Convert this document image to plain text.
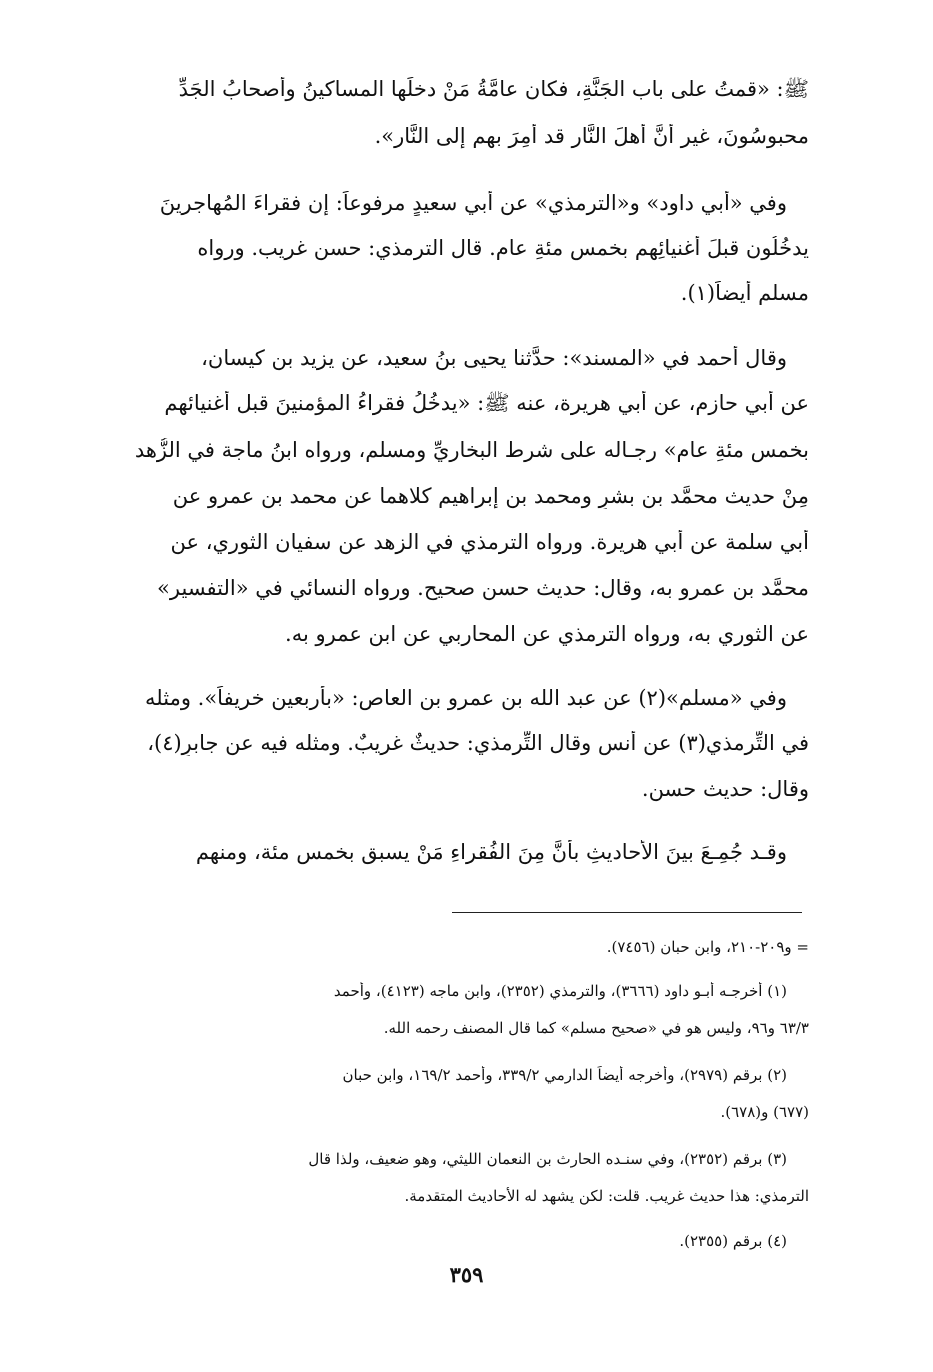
ﷺ: «قمتُ على باب الجَنَّةِ، فكان عامَّةُ مَنْ دخلَها المساكينُ وأصحابُ الجَدِّ
محبوسُونَ، غير أنَّ أهلَ النَّار قد أُمِرَ بهم إلى النَّار».
وفي «أبي داود» و«الترمذي» عن أبي سعيدٍ مرفوعاً: إن فقراءَ المُهاجرينَ
يدخُلُون قبلَ أغنيائِهم بخمسِ مئةِ عامٍ. قال الترمذي: حسن غريب. ورواه
مسلم أيضاً(١).
وقال أحمد في «المسند»: حدَّثنا يحيى بنُ سعيد، عن يزيد بن كيسان،
عن أبي حازمٍ، عن أبي هريرة، عنه ﷺ: «يدخُلُ فقراءُ المؤمنينَ قبل أغنيائهم
بخمس مئةِ عامٍ» رجـاله على شرط البخاريِّ ومسلم، ورواه ابنُ ماجة في الزُّهد
مِنْ حديث محمَّد بن بشرٍ ومحمد بن إبراهيم كلاهما عن محمد بن عمرو عن
أبي سلمة عن أبي هريرة. ورواه الترمذي في الزهد عن سفيان الثوري، عن
محمَّد بن عمرو به، وقال: حديث حسن صحيح. ورواه النسائي في «التفسير»
عن الثوري به، ورواه الترمذي عن المحاربي عن ابن عمرو به.
وفي «مسلم»(٢) عن عبد الله بن عمرو بن العاص: «بأربعين خريفاً». ومثله
في التِّرمذي(٣) عن أنس وقال التِّرمذي: حديثٌ غريبٌ. ومثله فيه عن جابرٍ(٤)،
وقال: حديث حسن.
وقـد جُمِـعَ بينَ الأحاديثِ بأنَّ مِنَ الفُقراءِ مَنْ يسبق بخمس مئة، ومنهم
= و٢٠٩-٢١٠، وابن حبان (٧٤٥٦).
(١) أخرجـه أبـو داود (٣٦٦٦)، والترمذي (٢٣٥٢)، وابن ماجه (٤١٢٣)، وأحمد
٦٣/٣ و٩٦، وليس هو في «صحيح مسلم» كما قال المصنف رحمه الله.
(٢) برقم (٢٩٧٩)، وأخرجه أيضاً الدارمي ٣٣٩/٢، وأحمد ١٦٩/٢، وابن حبان
(٦٧٧) و(٦٧٨).
(٣) برقم (٢٣٥٢)، وفي سنـده الحارث بن النعمان الليثي، وهو ضعيف، ولذا قال
الترمذي: هذا حديث غريب. قلت: لكن يشهد له الأحاديث المتقدمة.
(٤) برقم (٢٣٥٥).
٣٥٩
